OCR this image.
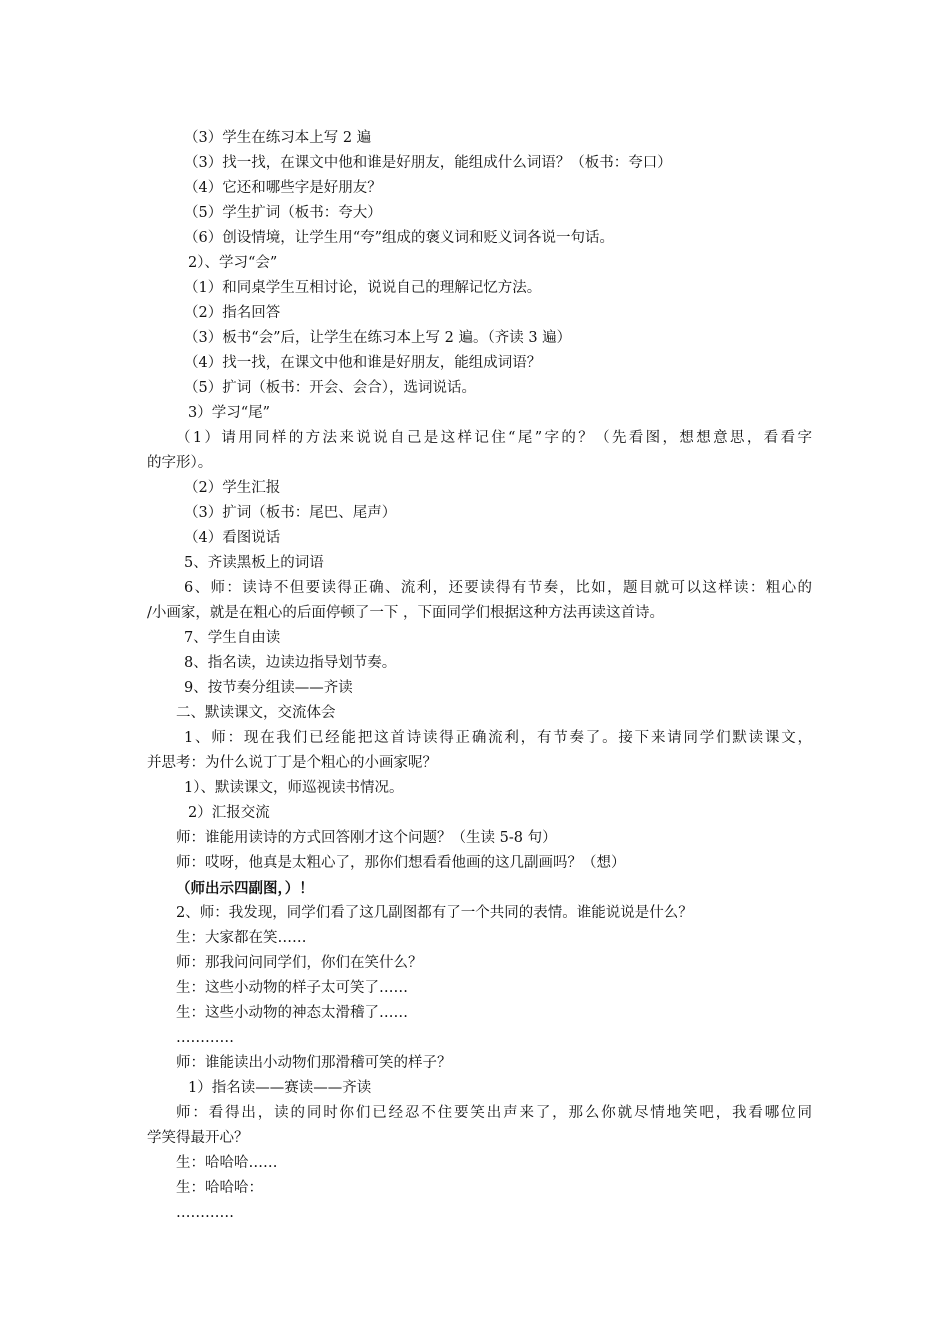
（3）学生在练习本上写 2 遍
（3）找一找，在课文中他和谁是好朋友，能组成什么词语？（板书：夸口）
（4）它还和哪些字是好朋友？
（5）学生扩词（板书：夸大）
（6）创设情境，让学生用“夸”组成的褒义词和贬义词各说一句话。
2）、学习“会”
（1）和同桌学生互相讨论，说说自己的理解记忆方法。
（2）指名回答
（3）板书“会”后，让学生在练习本上写 2 遍。（齐读 3 遍）
（4）找一找，在课文中他和谁是好朋友，能组成词语？
（5）扩词（板书：开会、会合），选词说话。
3）学习“尾”
（1）请用同样的方法来说说自己是这样记住“尾”字的？（先看图，想想意思，看看字
的字形）。
（2）学生汇报
（3）扩词（板书：尾巴、尾声）
（4）看图说话
5、齐读黑板上的词语
6、师：读诗不但要读得正确、流利，还要读得有节奏，比如，题目就可以这样读：粗心的
/小画家，就是在粗心的后面停顿了一下 ，下面同学们根据这种方法再读这首诗。
7、学生自由读
8、指名读，边读边指导划节奏。
9、按节奏分组读——齐读
二、默读课文，交流体会
1、师：现在我们已经能把这首诗读得正确流利，有节奏了。接下来请同学们默读课文，
并思考：为什么说丁丁是个粗心的小画家呢？
1）、默读课文，师巡视读书情况。
2）汇报交流
师：谁能用读诗的方式回答刚才这个问题？（生读 5-8 句）
师：哎呀，他真是太粗心了，那你们想看看他画的这几副画吗？（想）
（师出示四副图，）！
2、师：我发现，同学们看了这几副图都有了一个共同的表情。谁能说说是什么？
生：大家都在笑……
师：那我问问同学们，你们在笑什么？
生：这些小动物的样子太可笑了……
生：这些小动物的神态太滑稽了……
…………
师：谁能读出小动物们那滑稽可笑的样子？
1）指名读——赛读——齐读
师：看得出，读的同时你们已经忍不住要笑出声来了，那么你就尽情地笑吧，我看哪位同
学笑得最开心？
生：哈哈哈……
生：哈哈哈：
…………
